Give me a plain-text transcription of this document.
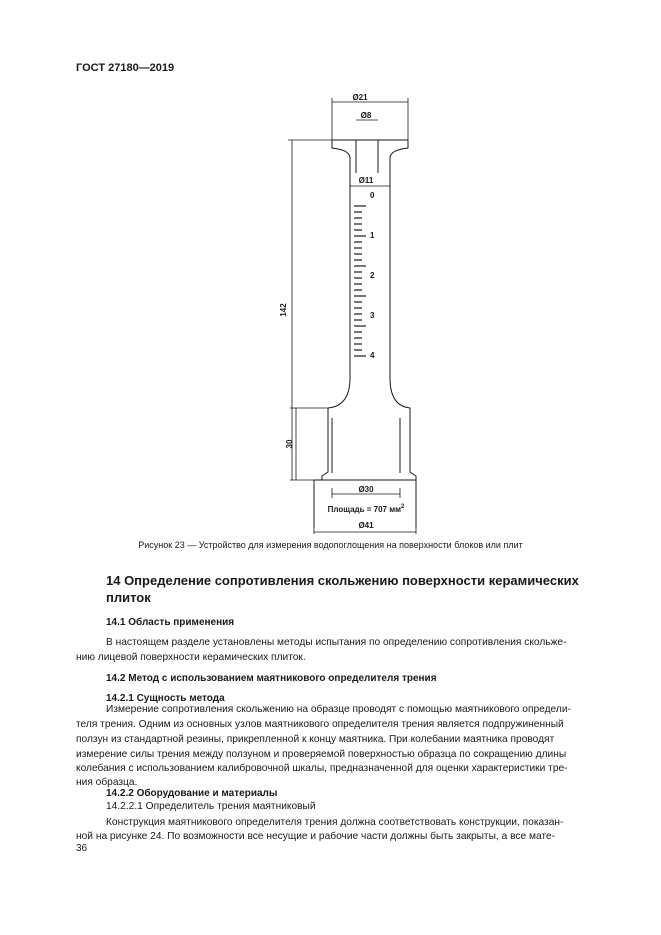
ГОСТ 27180—2019
Ø21
Ø8
Ø11
0
1
2
3
4
142
30
Ø30
Площадь = 707 $мм^2$
Ø41
Рисунок 23 — Устройство для измерения водопоглощения на поверхности блоков или плит
14 Определение сопротивления скольжению поверхности керамических плиток
14.1 Область применения
В настоящем разделе установлены методы испытания по определению сопротивления скольже-
нию лицевой поверхности керамических плиток.
14.2 Метод с использованием маятникового определителя трения
14.2.1 Сущность метода
Измерение сопротивления скольжению на образце проводят с помощью маятникового определи-
теля трения. Одним из основных узлов маятникового определителя трения является подпружиненный
ползун из стандартной резины, прикрепленной к концу маятника. При колебании маятника проводят
измерение силы трения между ползуном и проверяемой поверхностью образца по сокращению длины
колебания с использованием калибровочной шкалы, предназначенной для оценки характеристики тре-
ния образца.
14.2.2 Оборудование и материалы
14.2.2.1 Определитель трения маятниковый
Конструкция маятникового определителя трения должна соответствовать конструкции, показан-
ной на рисунке 24. По возможности все несущие и рабочие части должны быть закрыты, а все мате-
36
